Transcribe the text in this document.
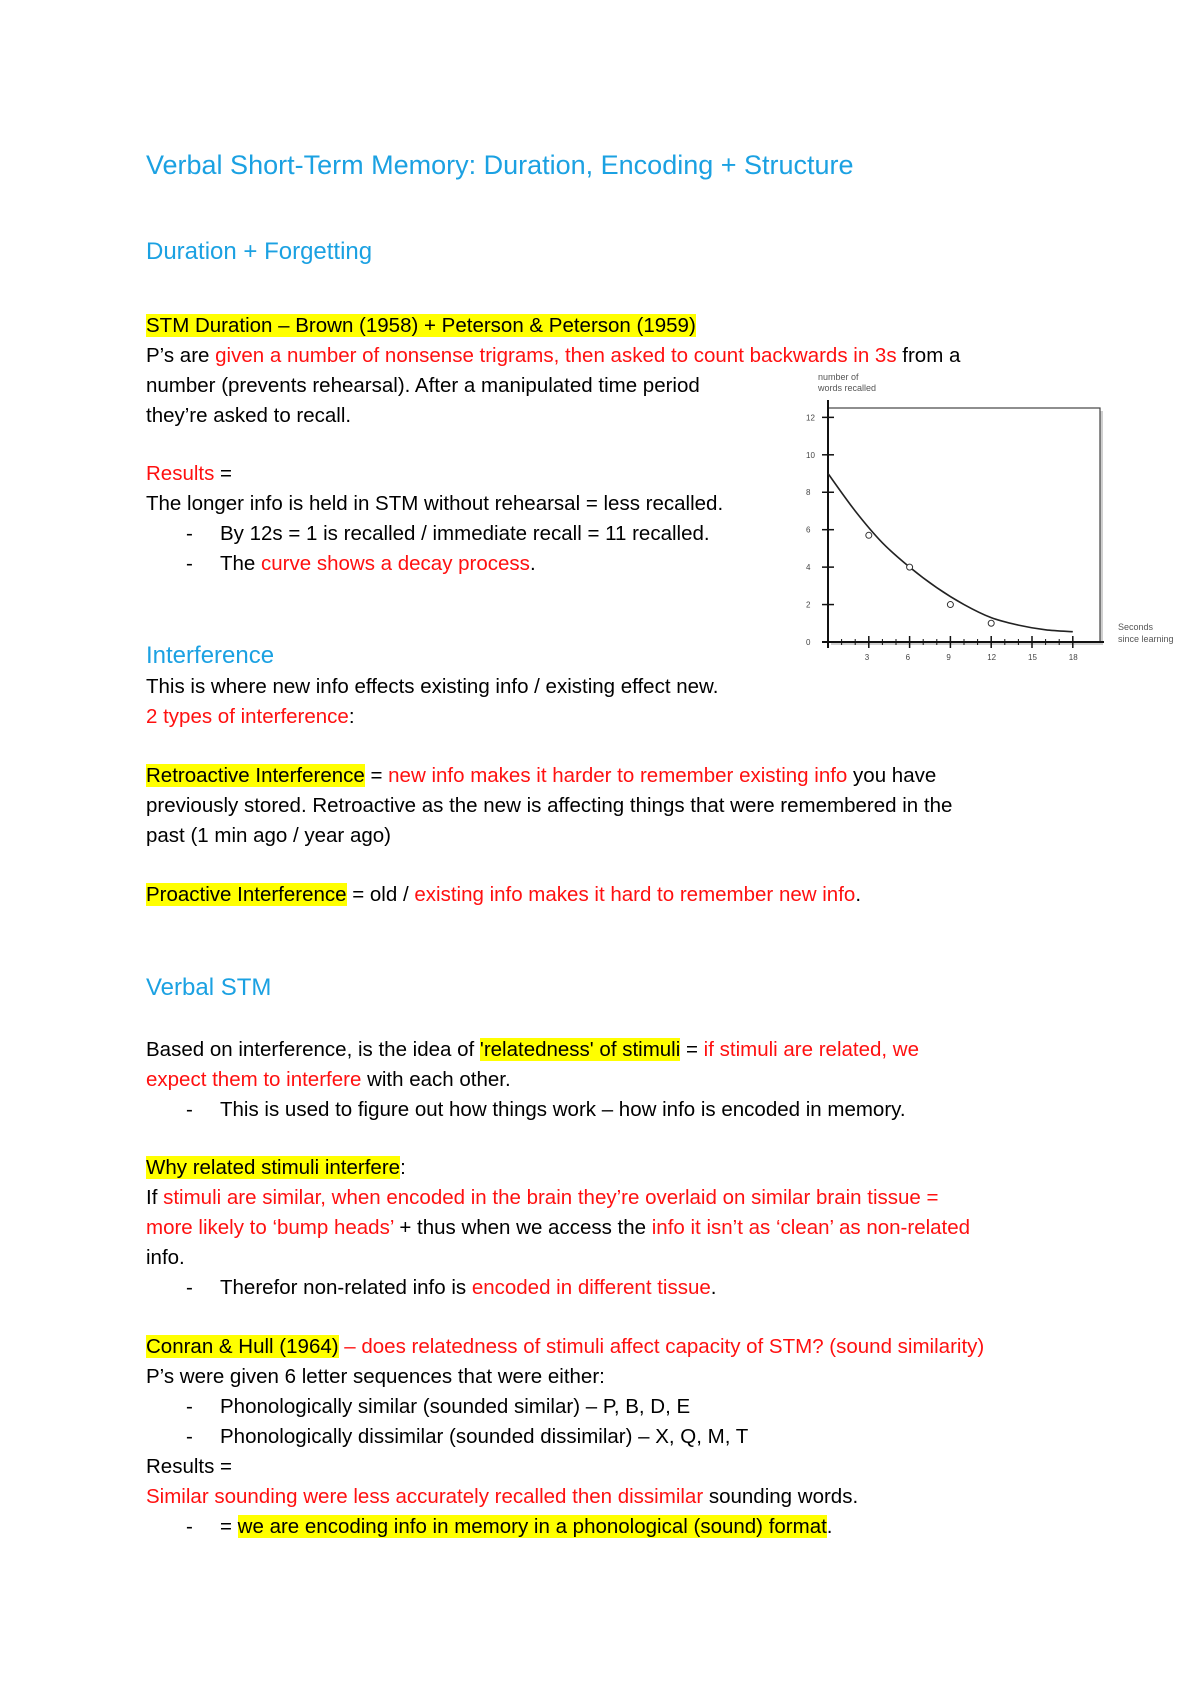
Verbal Short-Term Memory: Duration, Encoding + Structure
Duration + Forgetting
STM Duration – Brown (1958) + Peterson & Peterson (1959)
P’s are given a number of nonsense trigrams, then asked to count backwards in 3s from a
number (prevents rehearsal). After a manipulated time period
they’re asked to recall.
Results =
The longer info is held in STM without rehearsal = less recalled.
- By 12s = 1 is recalled / immediate recall = 11 recalled.
- The curve shows a decay process.
number of
words recalled
Seconds
since learning
0
2
4
6
8
10
12
3	6	9	12	15	18
Interference
This is where new info effects existing info / existing effect new.
2 types of interference:
Retroactive Interference = new info makes it harder to remember existing info you have
previously stored. Retroactive as the new is affecting things that were remembered in the
past (1 min ago / year ago)
Proactive Interference = old / existing info makes it hard to remember new info.
Verbal STM
Based on interference, is the idea of 'relatedness' of stimuli = if stimuli are related, we
expect them to interfere with each other.
- This is used to figure out how things work – how info is encoded in memory.
Why related stimuli interfere:
If stimuli are similar, when encoded in the brain they’re overlaid on similar brain tissue =
more likely to ‘bump heads’ + thus when we access the info it isn’t as ‘clean’ as non-related
info.
- Therefor non-related info is encoded in different tissue.
Conran & Hull (1964) – does relatedness of stimuli affect capacity of STM? (sound similarity)
P’s were given 6 letter sequences that were either:
- Phonologically similar (sounded similar) – P, B, D, E
- Phonologically dissimilar (sounded dissimilar) – X, Q, M, T
Results =
Similar sounding were less accurately recalled then dissimilar sounding words.
- = we are encoding info in memory in a phonological (sound) format.
